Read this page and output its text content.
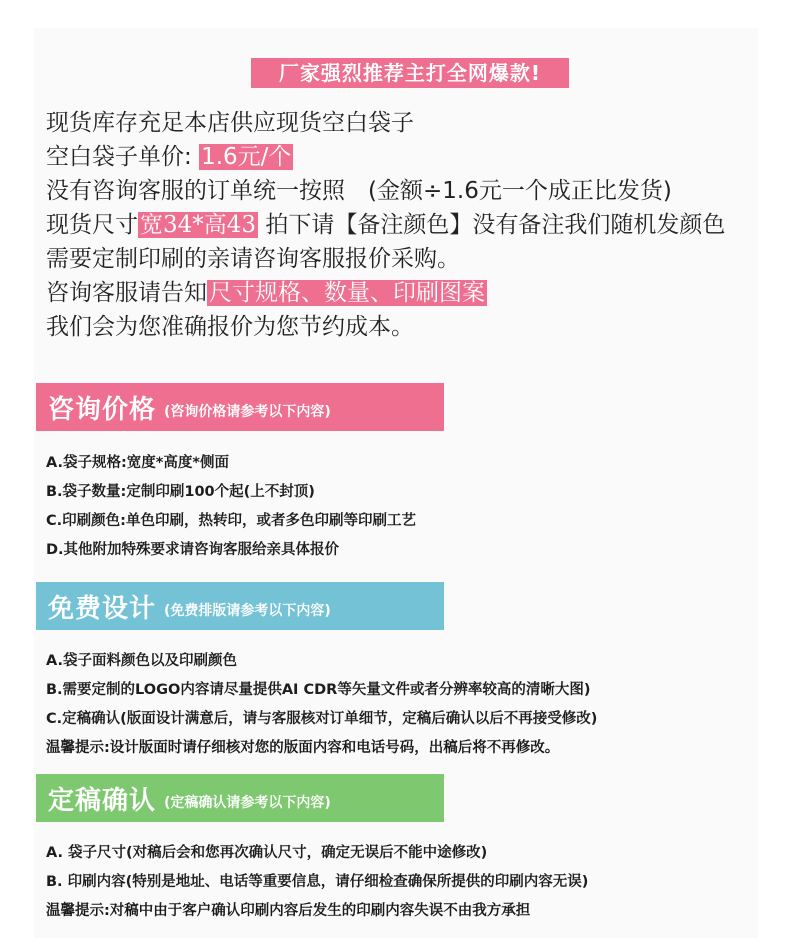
厂家强烈推荐主打全网爆款!
现货库存充足本店供应现货空白袋子
空白袋子单价: 1.6元/个
没有咨询客服的订单统一按照　(金额÷1.6元一个成正比发货)
现货尺寸宽34*高43 拍下请【备注颜色】没有备注我们随机发颜色
需要定制印刷的亲请咨询客服报价采购。
咨询客服请告知尺寸规格、数量、印刷图案
我们会为您准确报价为您节约成本。
咨询价格 (咨询价格请参考以下内容)
A.袋子规格:宽度*高度*侧面
B.袋子数量:定制印刷100个起(上不封顶)
C.印刷颜色:单色印刷，热转印，或者多色印刷等印刷工艺
D.其他附加特殊要求请咨询客服给亲具体报价
免费设计 (免费排版请参考以下内容)
A.袋子面料颜色以及印刷颜色
B.需要定制的LOGO内容请尽量提供AI CDR等矢量文件或者分辨率较高的清晰大图)
C.定稿确认(版面设计满意后，请与客服核对订单细节，定稿后确认以后不再接受修改)
温馨提示:设计版面时请仔细核对您的版面内容和电话号码，出稿后将不再修改。
定稿确认 (定稿确认请参考以下内容)
A. 袋子尺寸(对稿后会和您再次确认尺寸，确定无误后不能中途修改)
B. 印刷内容(特别是地址、电话等重要信息，请仔细检查确保所提供的印刷内容无误)
温馨提示:对稿中由于客户确认印刷内容后发生的印刷内容失误不由我方承担
